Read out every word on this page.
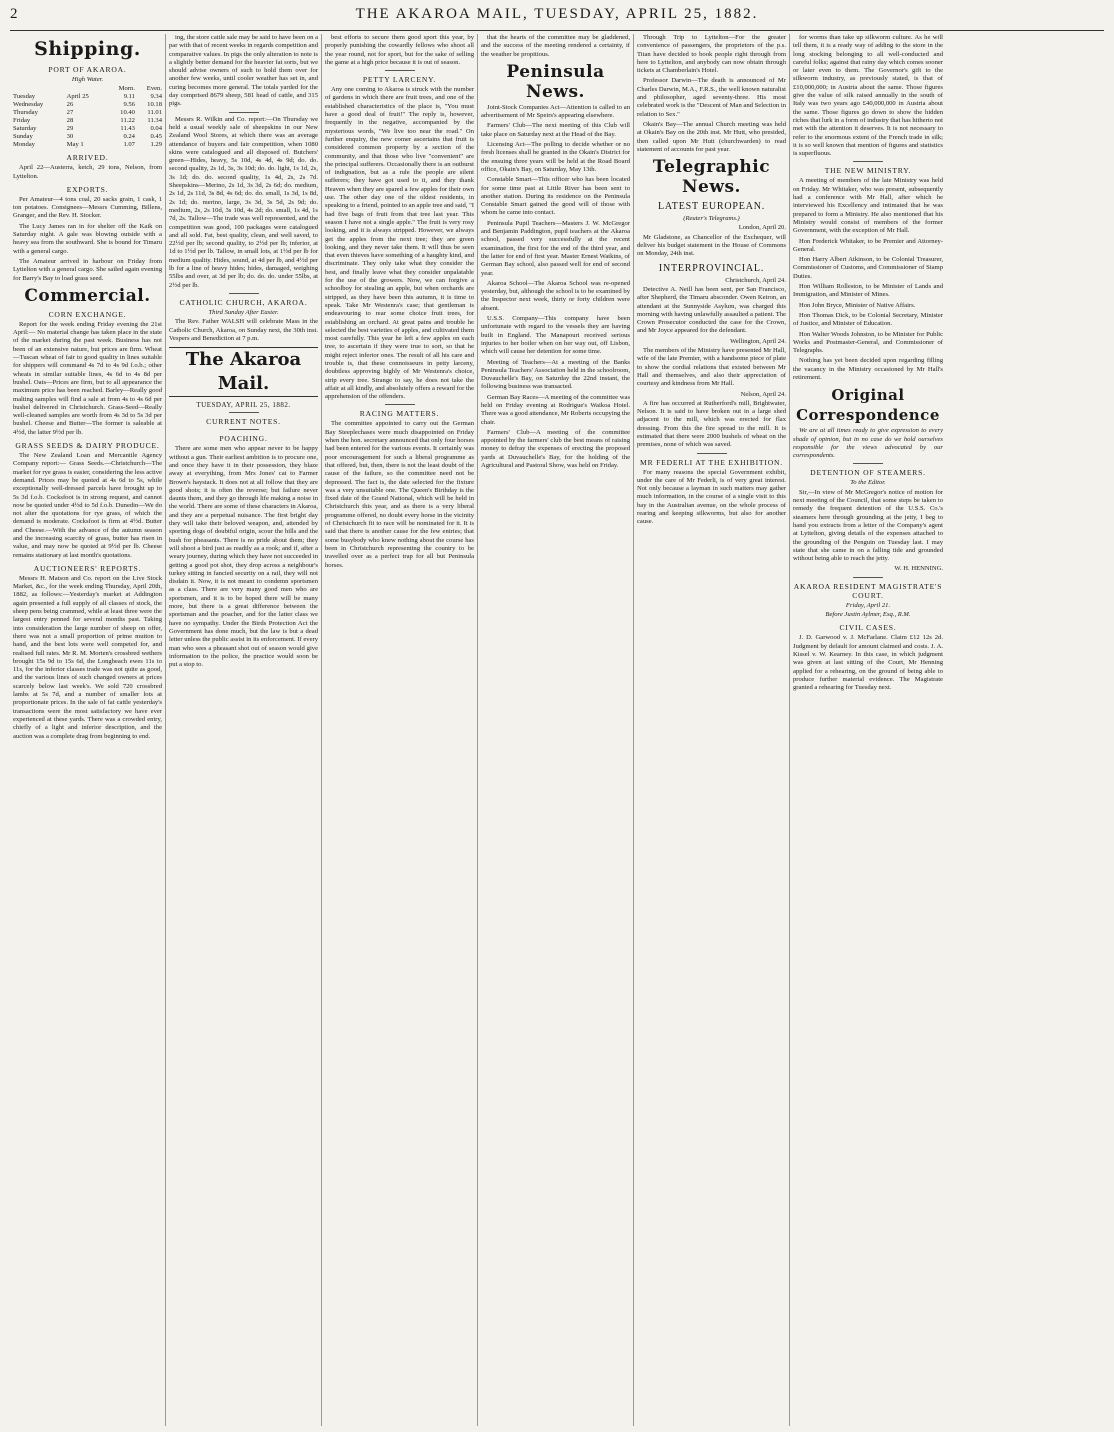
2	THE AKAROA MAIL, TUESDAY, APRIL 25, 1882.
Shipping.
PORT OF AKAROA.
High Water.
		Morn.	Even.
Tuesday	April 25	9.11	9.34
Wednesday	26	9.56	10.18
Thursday	27	10.40	11.01
Friday	28	11.22	11.34
Saturday	29	11.43	0.04
Sunday	30	0.24	0.45
Monday	May 1	1.07	1.29
ARRIVED.

April 22—Austerra, ketch, 29 tons, Nelson, from Lyttelton.

EXPORTS.

Per Amateur—4 tons coal, 20 sacks grain, 1 cask, 1 ton potatoes. Consignees—Messrs Cumming, Billens, Granger, and the Rev. H. Stocker.

The Lucy James ran in for shelter off the Kaik on Saturday night. A gale was blowing outside with a heavy sea from the southward. She is bound for Timaru with a general cargo.

The Amateur arrived in harbour on Friday from Lyttelton with a general cargo. She sailed again evening for Barry's Bay to load grass seed.

Commercial.
CORN EXCHANGE.

Report for the week ending Friday evening the 21st April:— No material change has taken place in the state of the market during the past week. Business has not been of an extensive nature, but prices are firm. Wheat—Tuscan wheat of fair to good quality in lines suitable for shippers will command 4s 7d to 4s 9d f.o.b.; other wheats in similar suitable lines, 4s 6d to 4s 8d per bushel. Oats—Prices are firm, but to all appearance the maximum price has been reached. Barley—Really good malting samples will find a sale at from 4s to 4s 6d per bushel delivered in Christchurch. Grass-Seed—Really well-cleaned samples are worth from 4s 3d to 5s 3d per bushel. Cheese and Butter—The former is saleable at 4½d, the latter 9½d per lb.

GRASS SEEDS & DAIRY PRODUCE.

The New Zealand Loan and Mercantile Agency Company report:— Grass Seeds.—Christchurch—The market for rye grass is easier, considering the less active demand. Prices may be quoted at 4s 6d to 5s, while exceptionally well-dressed parcels have brought up to 5s 3d f.o.b. Cocksfoot is in strong request, and cannot now be quoted under 4½d to 5d f.o.b. Dunedin—We do not alter the quotations for rye grass, of which the demand is moderate. Cocksfoot is firm at 4½d. Butter and Cheese.—With the advance of the autumn season and the increasing scarcity of grass, butter has risen in value, and may now be quoted at 9½d per lb. Cheese remains stationary at last month's quotations.

AUCTIONEERS' REPORTS.

Messrs H. Matson and Co. report on the Live Stock Market, &c., for the week ending Thursday, April 20th, 1882, as follows:—Yesterday's market at Addington again presented a full supply of all classes of stock, the sheep pens being crammed, while at least three were the largest entry penned for several months past. Taking into consideration the large number of sheep on offer, there was not a small proportion of prime mutton to hand, and the best lots were well competed for, and realised full rates. Mr R. M. Morten's crossbred wethers brought 15s 9d to 15s 6d, the Longbeach ewes 11s to 11s, for the inferior classes trade was not quite as good, and the various lines of such changed owners at prices scarcely below last week's. We sold 720 crossbred lambs at 5s 7d, and a number of smaller lots at proportionate prices. In the sale of fat cattle yesterday's transactions were the most satisfactory we have ever experienced at these yards. There was a crowded entry, chiefly of a light and inferior description, and the auction was a complete drag from beginning to end.

ing, the store cattle sale may be said to have been on a par with that of recent weeks in regards competition and comparative values. In pigs the only alteration to note is a slightly better demand for the heavier fat sorts, but we should advise owners of such to hold them over for another few weeks, until cooler weather has set in, and curing becomes more general. The totals yarded for the day comprised 8679 sheep, 581 head of cattle, and 315 pigs.

Messrs R. Wilkin and Co. report:—On Thursday we held a usual weekly sale of sheepskins in our New Zealand Wool Stores, at which there was an average attendance of buyers and fair competition, when 1080 skins were catalogued and all disposed of. Butchers' green—Hides, heavy, 5s 10d, 4s 4d, 4s 9d; do. do. second quality, 2s 1d, 3s, 3s 10d; do. do. light, 1s 1d, 2s, 3s 1d; do. do. second quality, 1s 4d, 2s, 2s 7d. Sheepskins—Merino, 2s 1d, 3s 3d, 2s 6d; do. medium, 2s 1d, 2s 11d, 3s 8d, 4s 6d; do. do. small, 1s 3d, 1s 8d, 2s 1d; do. merino, large, 3s 3d, 3s 5d, 2s 9d; do. medium, 2s, 2s 10d, 3s 10d, 4s 2d; do. small, 1s 4d, 1s 7d, 2s. Tallow—The trade was well represented, and the competition was good, 100 packages were catalogued and all sold. Fat, best quality, clean, and well saved, to 22½d per lb; second quality, to 2½d per lb; inferior, at 1d to 1½d per lb. Tallow, in small lots, at 1½d per lb for medium quality. Hides, sound, at 4d per lb, and 4½d per lb for a line of heavy hides; hides, damaged, weighing 55lbs and over, at 3d per lb; do. do. do. under 55lbs, at 2½d per lb.

CATHOLIC CHURCH, AKAROA.
Third Sunday After Easter.

The Rev. Father WALSH will celebrate Mass in the Catholic Church, Akaroa, on Sunday next, the 30th inst. Vespers and Benediction at 7 p.m.

The Akaroa Mail.
TUESDAY, APRIL 25, 1882.
CURRENT NOTES.
POACHING.

There are some men who appear never to be happy without a gun. Their earliest ambition is to procure one, and once they have it in their possession, they blaze away at everything, from Mrs Jones' cat to Farmer Brown's haystack. It does not at all follow that they are good shots; it is often the reverse; but failure never daunts them, and they go through life making a noise in the world. There are some of these characters in Akaroa, and they are a perpetual nuisance. The first bright day they will take their beloved weapon, and, attended by sporting dogs of doubtful origin, scour the hills and the bush for pheasants. There is no pride about them; they will shoot a bird just as readily as a rook; and if, after a weary journey, during which they have not succeeded in getting a good pot shot, they drop across a neighbour's turkey sitting in fancied security on a rail, they will not disdain it. Now, it is not meant to condemn sportsmen as a class. There are very many good men who are sportsmen, and it is to be hoped there will be many more, but there is a great difference between the sportsman and the poacher, and for the latter class we have no sympathy. Under the Birds Protection Act the Government has done much, but the law is but a dead letter unless the public assist in its enforcement. If every man who sees a pheasant shot out of season would give information to the police, the practice would soon be put a stop to.

best efforts to secure them good sport this year, by properly punishing the cowardly fellows who shoot all the year round, not for sport, but for the sake of selling the game at a high price because it is out of season.

PETTY LARCENY.

Any one coming to Akaroa is struck with the number of gardens in which there are fruit trees, and one of the established characteristics of the place is, "You must have a good deal of fruit!" The reply is, however, frequently in the negative, accompanied by the mysterious words, "We live too near the road." On further enquiry, the new comer ascertains that fruit is considered common property by a section of the community, and that those who live "convenient" are the principal sufferers. Occasionally there is an outburst of indignation, but as a rule the people are silent sufferers; they have got used to it, and they thank Heaven when they are spared a few apples for their own use. The other day one of the oldest residents, in speaking to a friend, pointed to an apple tree and said, "I had five bags of fruit from that tree last year. This season I have not a single apple." The fruit is very rosy looking, and it is always stripped. However, we always get the apples from the next tree; they are green looking, and they never take them. It will thus be seen that even thieves have something of a haughty kind, and discriminate. They only take what they consider the best, and finally leave what they consider unpalatable for the use of the growers. Now, we can forgive a schoolboy for stealing an apple, but when orchards are stripped, as they have been this autumn, it is time to speak. Take Mr Westenra's case; that gentleman is endeavouring to rear some choice fruit trees, for establishing an orchard. At great pains and trouble he selected the best varieties of apples, and cultivated them most carefully. This year he left a few apples on each tree, to ascertain if they were true to sort, so that he might reject inferior ones. The result of all his care and trouble is, that these connoisseurs in petty larceny, doubtless approving highly of Mr Westenra's choice, strip every tree. Strange to say, he does not take the affair at all kindly, and absolutely offers a reward for the apprehension of the offenders.

RACING MATTERS.

The committee appointed to carry out the German Bay Steeplechases were much disappointed on Friday when the hon. secretary announced that only four horses had been entered for the various events. It certainly was poor encouragement for such a liberal programme as that offered, but, then, there is not the least doubt of the cause of the failure, so the committee need not be depressed. The fact is, the date selected for the fixture was a very unsuitable one. The Queen's Birthday is the fixed date of the Grand National, which will be held in Christchurch this year, and as there is a very liberal programme offered, no doubt every horse in the vicinity of Christchurch fit to race will be nominated for it. It is said that there is another cause for the few entries; that some busybody who knew nothing about the course has been in Christchurch representing the country to be travelled over as a perfect trap for all but Peninsula horses.

that the hearts of the committee may be gladdened, and the success of the meeting rendered a certainty, if the weather be propitious.

Peninsula News.

Joint-Stock Companies Act—Attention is called to an advertisement of Mr Speirs's appearing elsewhere.

Farmers' Club—The next meeting of this Club will take place on Saturday next at the Head of the Bay.

Licensing Act—The polling to decide whether or no fresh licenses shall be granted in the Okain's District for the ensuing three years will be held at the Road Board office, Okain's Bay, on Saturday, May 13th.

Constable Smart—This officer who has been located for some time past at Little River has been sent to another station. During its residence on the Peninsula Constable Smart gained the good will of those with whom he came into contact.

Peninsula Pupil Teachers—Masters J. W. McGregor and Benjamin Paddington, pupil teachers at the Akaroa school, passed very successfully at the recent examination, the first for the end of the third year, and the latter for end of first year. Master Ernest Watkins, of German Bay school, also passed well for end of second year.

Akaroa School—The Akaroa School was re-opened yesterday, but, although the school is to be examined by the Inspector next week, thirty or forty children were absent.

U.S.S. Company—This company have been unfortunate with regard to the vessels they are having built in England. The Manapouri received serious injuries to her boiler when on her way out, off Lisbon, which will cause her detention for some time.

Meeting of Teachers—At a meeting of the Banks Peninsula Teachers' Association held in the schoolroom, Duvauchelle's Bay, on Saturday the 22nd instant, the following business was transacted.

German Bay Races—A meeting of the committee was held on Friday evening at Rodrigue's Waikoa Hotel. There was a good attendance, Mr Roberts occupying the chair.

Farmers' Club—A meeting of the committee appointed by the farmers' club the best means of raising money to defray the expenses of erecting the proposed yards at Duvauchelle's Bay, for the holding of the Agricultural and Pastoral Show, was held on Friday.

Through Trip to Lyttelton—For the greater convenience of passengers, the proprietors of the p.s. Titan have decided to book people right through from here to Lyttelton, and anybody can now obtain through tickets at Chamberlain's Hotel.

Professor Darwin—The death is announced of Mr Charles Darwin, M.A., F.R.S., the well known naturalist and philosopher, aged seventy-three. His most celebrated work is the "Descent of Man and Selection in relation to Sex."

Okain's Bay—The annual Church meeting was held at Okain's Bay on the 20th inst. Mr Hutt, who presided, then called upon Mr Hutt (churchwarden) to read statement of accounts for past year.

Telegraphic News.
LATEST EUROPEAN.
(Reuter's Telegrams.)
London, April 20.

Mr Gladstone, as Chancellor of the Exchequer, will deliver his budget statement in the House of Commons on Monday, 24th inst.

INTERPROVINCIAL.
Christchurch, April 24.

Detective A. Neill has been sent, per San Francisco, after Shepherd, the Timaru absconder. Owen Keiron, an attendant at the Sunnyside Asylum, was charged this morning with having unlawfully assaulted a patient. The Crown Prosecutor conducted the case for the Crown, and Mr Joyce appeared for the defendant.

Wellington, April 24.

The members of the Ministry have presented Mr Hall, wife of the late Premier, with a handsome piece of plate to show the cordial relations that existed between Mr Hall and themselves, and also their appreciation of courtesy and kindness from Mr Hall.

Nelson, April 24.

A fire has occurred at Rutherford's mill, Brightwater, Nelson. It is said to have broken out in a large shed adjacent to the mill, which was erected for flax dressing. From this the fire spread to the mill. It is estimated that there were 2000 bushels of wheat on the premises, none of which was saved.

MR FEDERLI AT THE EXHIBITION.

For many reasons the special Government exhibit, under the care of Mr Federli, is of very great interest. Not only because a layman in such matters may gather much information, in the course of a single visit to this bay in the Australian avenue, on the whole process of rearing and keeping silkworms, but also for another cause.

for worms than take up silkworm culture. As he will tell them, it is a ready way of adding to the store in the long stocking belonging to all well-conducted and careful folks; against that rainy day which comes sooner or later even to them. The Governor's gift to the silkworm industry, as previously stated, is that of £10,000,000; in Austria about the same. Those figures give the value of silk raised annually in the south of Italy was two years ago £40,000,000 in Austria about the same. Those figures go down to show the hidden riches that lurk in a form of industry that has hitherto not met with the attention it deserves. It is not necessary to refer to the enormous extent of the French trade in silk; it is so well known that mention of figures and statistics is superfluous.

THE NEW MINISTRY.

A meeting of members of the late Ministry was held on Friday. Mr Whitaker, who was present, subsequently had a conference with Mr Hall, after which he interviewed his Excellency and intimated that he was prepared to form a Ministry. He also mentioned that his Ministry would consist of members of the former Government, with the exception of Mr Hall.

Hon Frederick Whitaker, to be Premier and Attorney-General.

Hon Harry Albert Atkinson, to be Colonial Treasurer, Commissioner of Customs, and Commissioner of Stamp Duties.

Hon William Rolleston, to be Minister of Lands and Immigration, and Minister of Mines.

Hon John Bryce, Minister of Native Affairs.

Hon Thomas Dick, to be Colonial Secretary, Minister of Justice, and Minister of Education.

Hon Walter Woods Johnston, to be Minister for Public Works and Postmaster-General, and Commissioner of Telegraphs.

Nothing has yet been decided upon regarding filling the vacancy in the Ministry occasioned by Mr Hall's retirement.

Original Correspondence

We are at all times ready to give expression to every shade of opinion, but in no case do we hold ourselves responsible for the views advocated by our correspondents.

DETENTION OF STEAMERS.
To the Editor.

Sir,—In view of Mr McGregor's notice of motion for next meeting of the Council, that some steps be taken to remedy the frequent detention of the U.S.S. Co.'s steamers here through grounding at the jetty, I beg to hand you extracts from a letter of the Company's agent at Lyttelton, giving details of the expenses attached to the grounding of the Penguin on Tuesday last. I may state that she came in on a falling tide and grounded without being able to reach the jetty.

W. H. HENNING.
AKAROA RESIDENT MAGISTRATE'S COURT.
Friday, April 21.
Before Justin Aylmer, Esq., R.M.
CIVIL CASES.

J. D. Garwood v. J. McFarlane. Claim £12 12s 2d. Judgment by default for amount claimed and costs. J. A. Kissel v. W. Kearney. In this case, in which judgment was given at last sitting of the Court, Mr Henning applied for a rehearing, on the ground of being able to produce further material evidence. The Magistrate granted a rehearing for Tuesday next.
